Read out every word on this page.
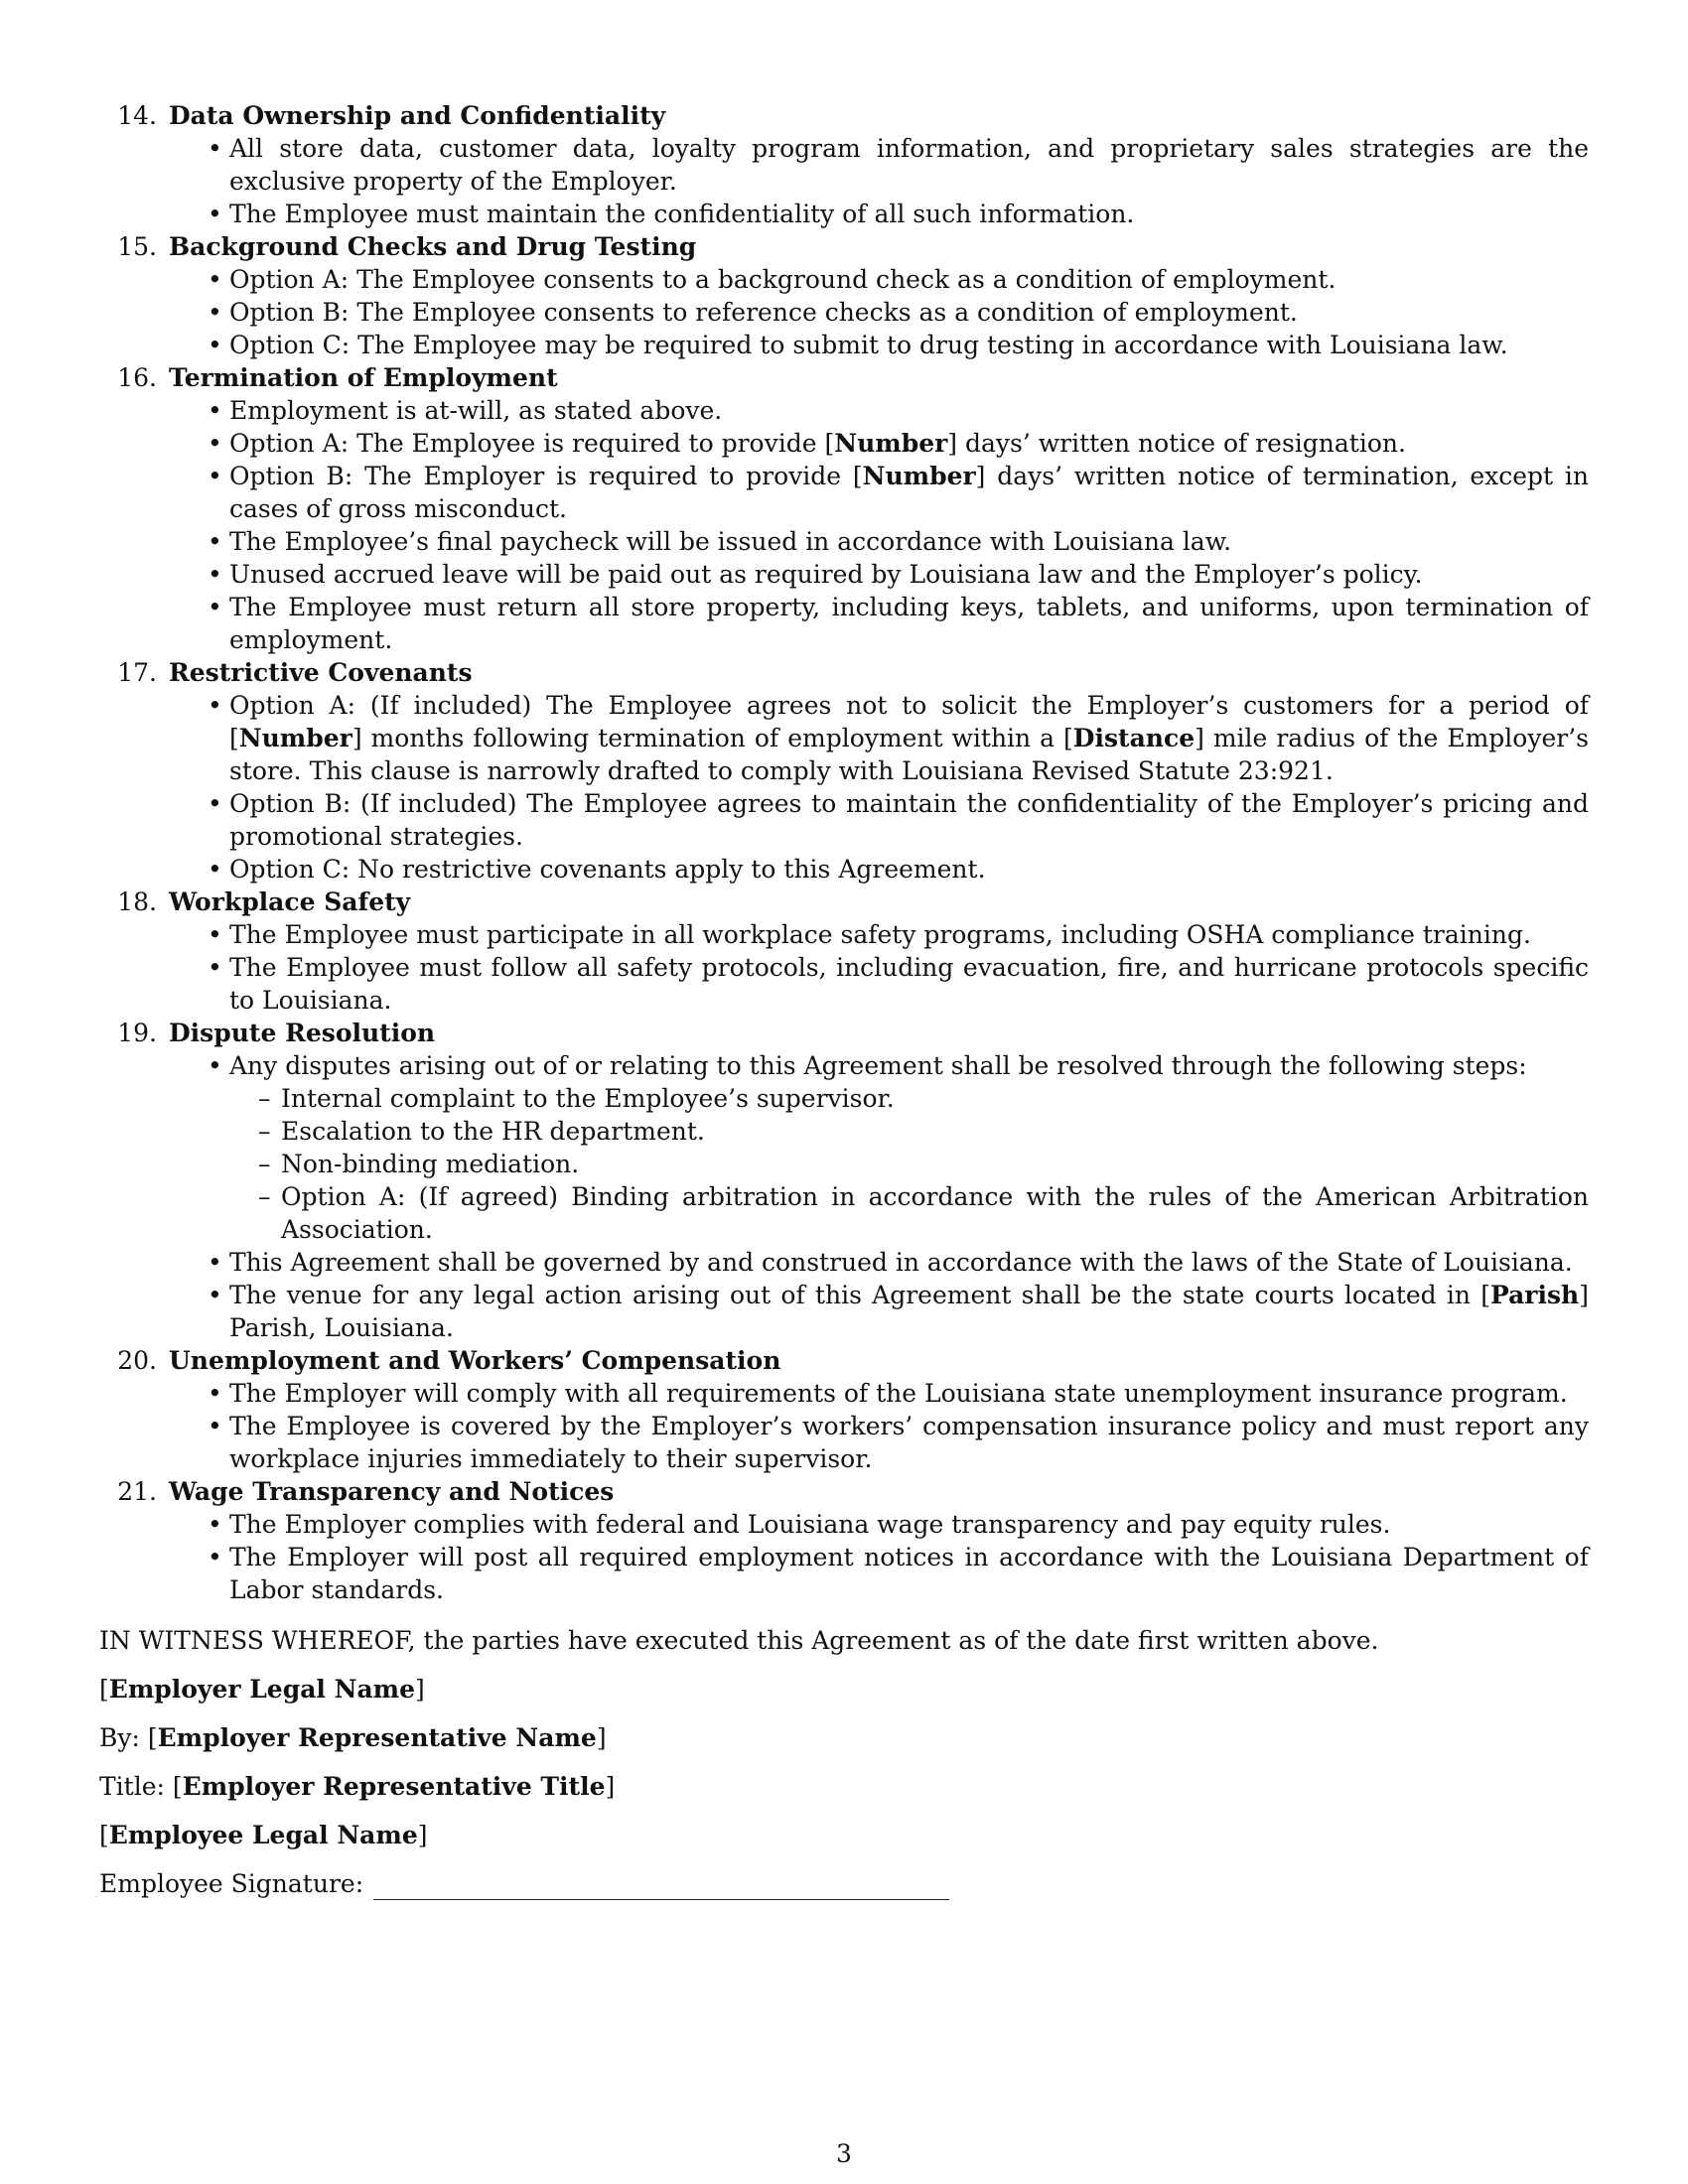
14. Data Ownership and Confidentiality
• All store data, customer data, loyalty program information, and proprietary sales strategies are the exclusive property of the Employer.
• The Employee must maintain the confidentiality of all such information.
15. Background Checks and Drug Testing
• Option A: The Employee consents to a background check as a condition of employment.
• Option B: The Employee consents to reference checks as a condition of employment.
• Option C: The Employee may be required to submit to drug testing in accordance with Louisiana law.
16. Termination of Employment
• Employment is at-will, as stated above.
• Option A: The Employee is required to provide [Number] days’ written notice of resignation.
• Option B: The Employer is required to provide [Number] days’ written notice of termination, except in cases of gross misconduct.
• The Employee’s final paycheck will be issued in accordance with Louisiana law.
• Unused accrued leave will be paid out as required by Louisiana law and the Employer’s policy.
• The Employee must return all store property, including keys, tablets, and uniforms, upon termination of employment.
17. Restrictive Covenants
• Option A: (If included) The Employee agrees not to solicit the Employer’s customers for a period of [Number] months following termination of employment within a [Distance] mile radius of the Employer’s store. This clause is narrowly drafted to comply with Louisiana Revised Statute 23:921.
• Option B: (If included) The Employee agrees to maintain the confidentiality of the Employer’s pricing and promotional strategies.
• Option C: No restrictive covenants apply to this Agreement.
18. Workplace Safety
• The Employee must participate in all workplace safety programs, including OSHA compliance training.
• The Employee must follow all safety protocols, including evacuation, fire, and hurricane protocols specific to Louisiana.
19. Dispute Resolution
• Any disputes arising out of or relating to this Agreement shall be resolved through the following steps:
– Internal complaint to the Employee’s supervisor.
– Escalation to the HR department.
– Non-binding mediation.
– Option A: (If agreed) Binding arbitration in accordance with the rules of the American Arbitration Association.
• This Agreement shall be governed by and construed in accordance with the laws of the State of Louisiana.
• The venue for any legal action arising out of this Agreement shall be the state courts located in [Parish] Parish, Louisiana.
20. Unemployment and Workers’ Compensation
• The Employer will comply with all requirements of the Louisiana state unemployment insurance program.
• The Employee is covered by the Employer’s workers’ compensation insurance policy and must report any workplace injuries immediately to their supervisor.
21. Wage Transparency and Notices
• The Employer complies with federal and Louisiana wage transparency and pay equity rules.
• The Employer will post all required employment notices in accordance with the Louisiana Department of Labor standards.

IN WITNESS WHEREOF, the parties have executed this Agreement as of the date first written above.

[Employer Legal Name]
By: [Employer Representative Name]
Title: [Employer Representative Title]
[Employee Legal Name]
Employee Signature:
3
